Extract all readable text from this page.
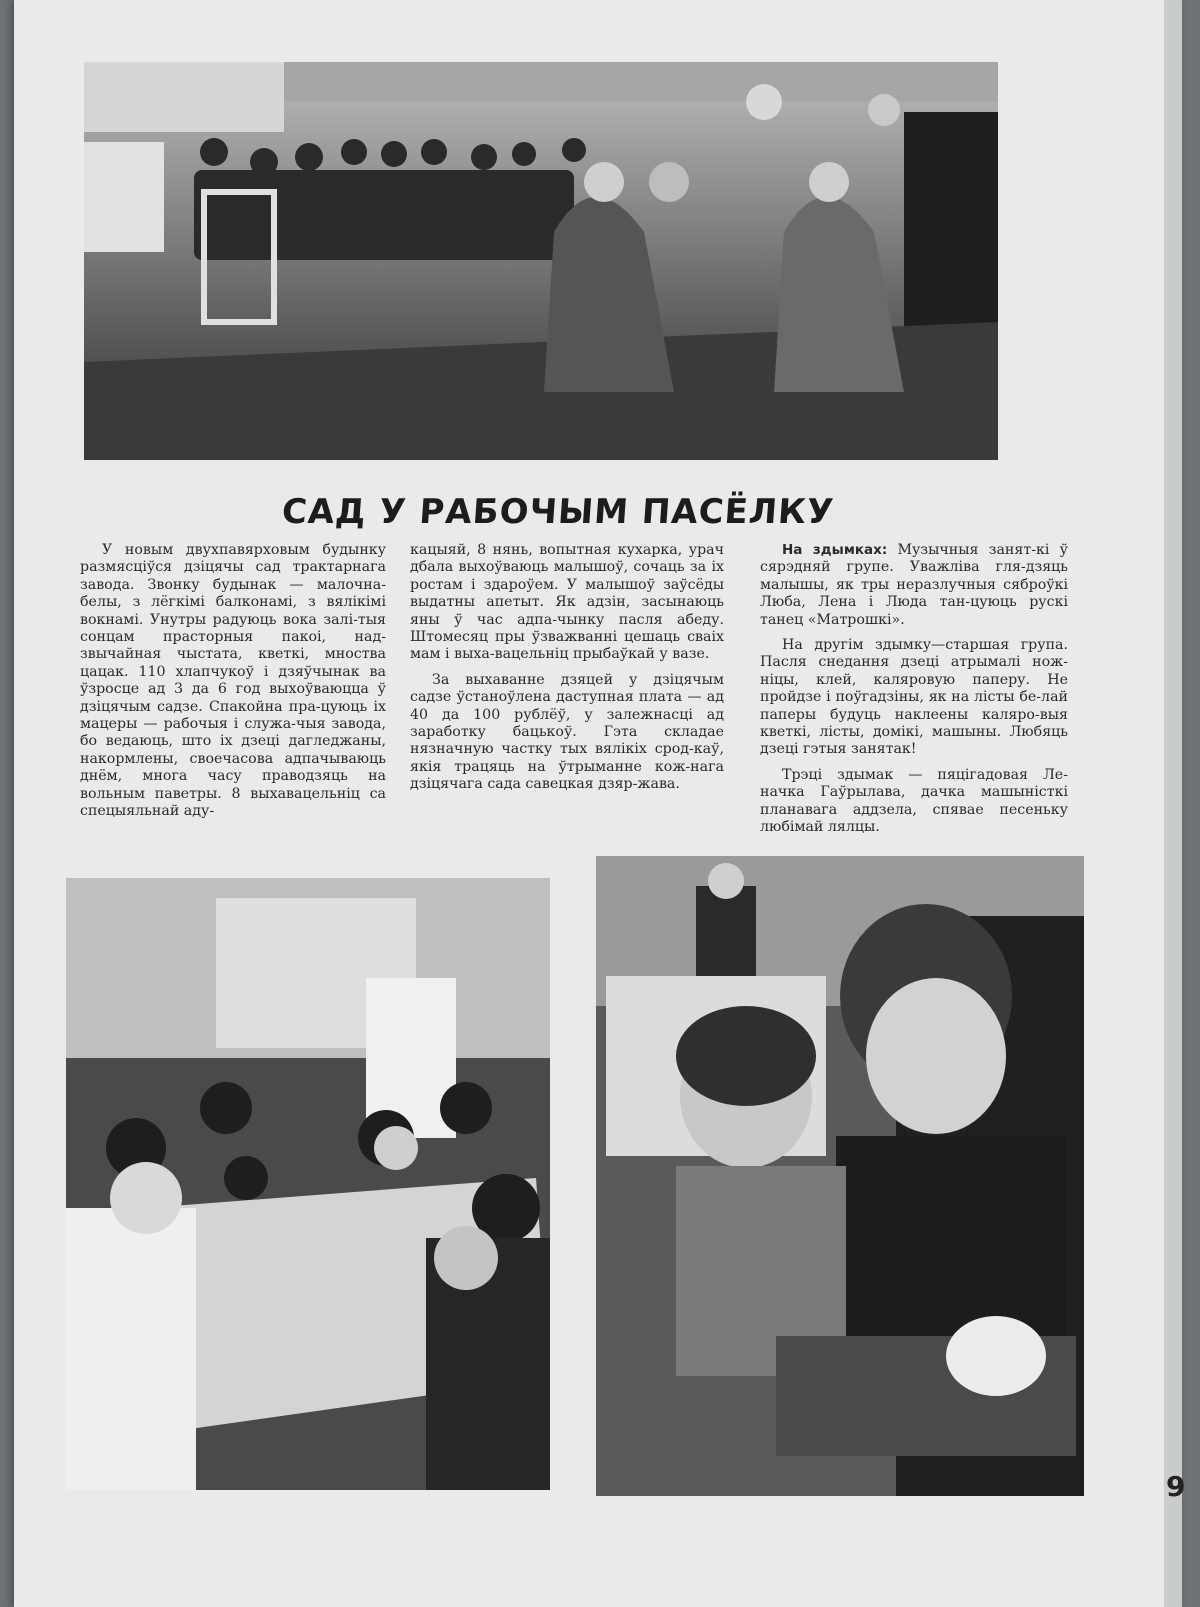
САД У РАБОЧЫМ ПАСЁЛКУ

У новым двухпавярховым будынку размясціўся дзіцячы сад трактарнага завода. Звонку будынак — малочна-белы, з лёгкімі балконамі, з вялікімі вокнамі. Унутры радуюць вока залі-тыя сонцам прасторныя пакоі, над-звычайная чыстата, кветкі, мноства цацак. 110 хлапчукоў і дзяўчынак ва ўзросце ад 3 да 6 год выхоўваюцца ў дзіцячым садзе. Спакойна пра-цуюць іх мацеры — рабочыя і служа-чыя завода, бо ведаюць, што іх дзеці дагледжаны, накормлены, своечасова адпачываюць днём, многа часу праводзяць на вольным паветры. 8 выхавацельніц са спецыяльнай аду-

кацыяй, 8 нянь, вопытная кухарка, урач дбала выхоўваюць малышоў, сочаць за іх ростам і здароўем. У малышоў заўсёды выдатны апетыт. Як адзін, засынаюць яны ў час адпа-чынку пасля абеду. Штомесяц пры ўзважванні цешаць сваіх мам і выха-вацельніц прыбаўкай у вазе.

За выхаванне дзяцей у дзіцячым садзе ўстаноўлена даступная плата — ад 40 да 100 рублёў, у залежнасці ад заработку бацькоў. Гэта складае нязначную частку тых вялікіх срод-каў, якія трацяць на ўтрыманне кож-нага дзіцячага сада савецкая дзяр-жава.

На здымках: Музычныя занят-кі ў сярэдняй групе. Уважліва гля-дзяць малышы, як тры неразлучныя сяброўкі Люба, Лена і Люда тан-цуюць рускі танец «Матрошкі».

На другім здымку—старшая група. Пасля снедання дзеці атрымалі нож-ніцы, клей, каляровую паперу. Не пройдзе і поўгадзіны, як на лісты бе-лай паперы будуць наклеены каляро-выя кветкі, лісты, домікі, машыны. Любяць дзеці гэтыя занятак!

Трэці здымак — пяцігадовая Ле-начка Гаўрылава, дачка машыністкі планавага аддзела, спявае песеньку любімай лялцы.

9
